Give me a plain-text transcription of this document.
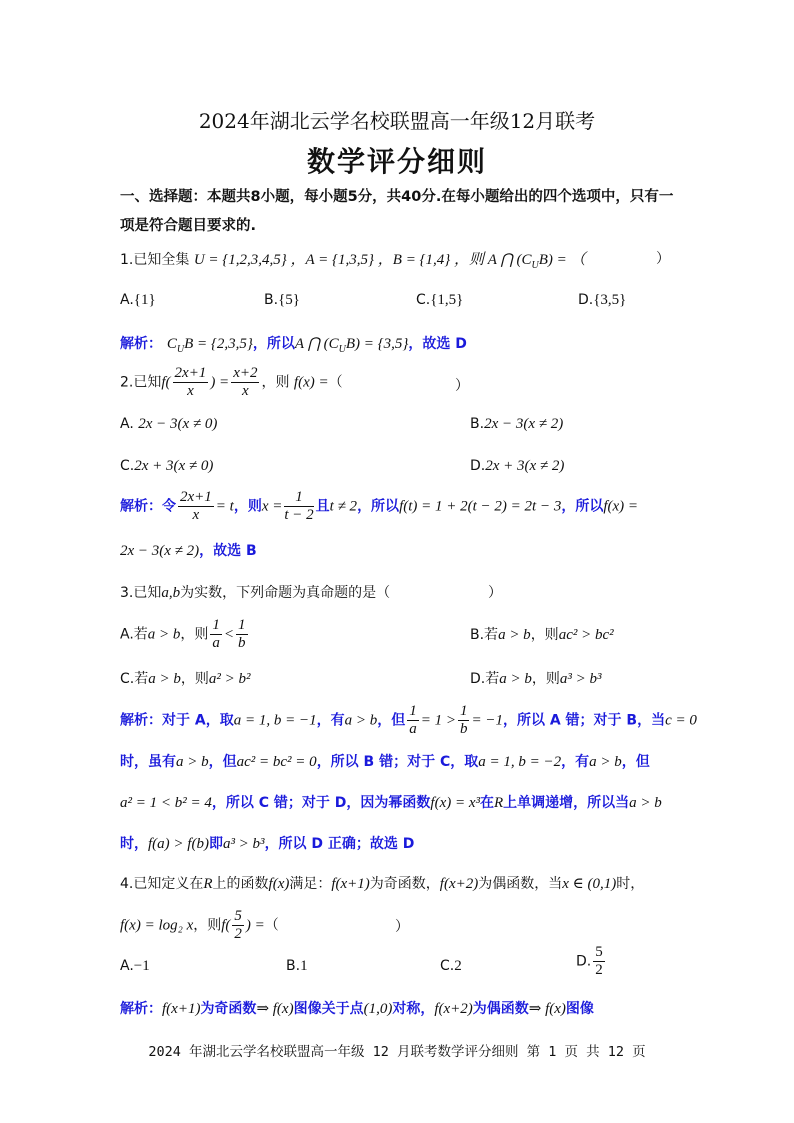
2024年湖北云学名校联盟高一年级12月联考
数学评分细则
一、选择题：本题共8小题，每小题5分，共40分.在每小题给出的四个选项中，只有一项是符合题目要求的.
1.已知全集 U = {1,2,3,4,5} ，A = {1,3,5} ，B = {1,4} ，则 A ⋂ $(C_UB)$ = （	）
A.{1}	B.{5}	C.{1,5}	D.{3,5}
解析： $C_UB = \{2,3,5\}$，所以A ⋂ $(C_UB) = \{3,5\}$，故选 D
2.已知$f( \frac{2x+1}{x}$ ) = $\frac{x+2}{x}$ ，则 f(x) =（	）
A. 2x − 3(x ≠ 0)	B.2x − 3(x ≠ 2)
C.2x + 3(x ≠ 0)	D.2x + 3(x ≠ 2)
解析：令 $\frac{2x+1}{x} = t$，则$x = \frac{1}{t - 2}$ 且t ≠ 2，所以f(t) = 1 + 2(t − 2) = 2t − 3，所以f(x) =
2x − 3(x ≠ 2)，故选 B
3.已知a,b为实数，下列命题为真命题的是（	）
A.若a > b，则 $\frac{1}{a} < \frac{1}{b}$	B.若a > b，则ac² > bc²
C.若a > b，则a² > b²	D.若a > b，则a³ > b³
解析：对于 A，取a = 1, b = −1，有a > b，但 $\frac{1}{a} = 1 > \frac{1}{b} = -1$，所以 A 错；对于 B，当c = 0
时，虽有a > b，但ac² = bc² = 0，所以 B 错；对于 C，取a = 1, b = −2，有a > b，但
a² = 1 < b² = 4，所以 C 错；对于 D，因为幂函数f(x) = x³在R上单调递增，所以当a > b
时，f(a) > f(b)即a³ > b³，所以 D 正确；故选 D
4.已知定义在R上的函数f(x)满足：f(x+1)为奇函数，f(x+2)为偶函数，当x ∈ (0,1)时，
f(x) = log₂ x，则$f( \frac{5}{2}$ ) =（	）
A.−1	B.1	C.2	D. $\frac{5}{2}$
解析：f(x+1)为奇函数⇒ f(x)图像关于点(1,0)对称，f(x+2)为偶函数⇒ f(x)图像
2024 年湖北云学名校联盟高一年级 12 月联考数学评分细则 第 1 页 共 12 页
